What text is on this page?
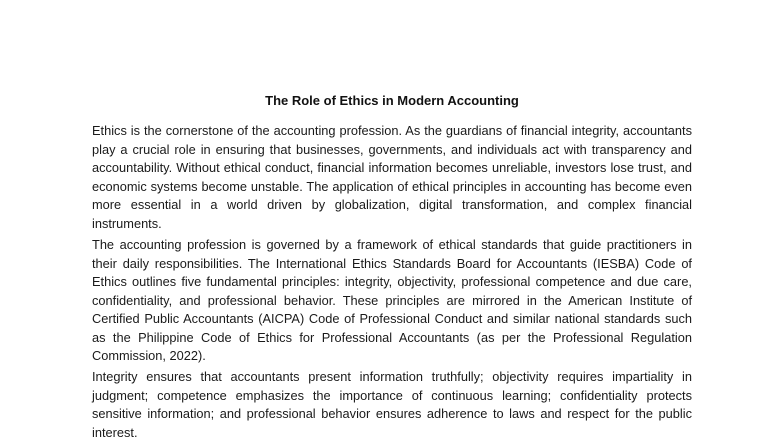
The Role of Ethics in Modern Accounting

Ethics is the cornerstone of the accounting profession. As the guardians of financial integrity, accountants play a crucial role in ensuring that businesses, governments, and individuals act with transparency and accountability. Without ethical conduct, financial information becomes unreliable, investors lose trust, and economic systems become unstable. The application of ethical principles in accounting has become even more essential in a world driven by globalization, digital transformation, and complex financial instruments.

The accounting profession is governed by a framework of ethical standards that guide practitioners in their daily responsibilities. The International Ethics Standards Board for Accountants (IESBA) Code of Ethics outlines five fundamental principles: integrity, objectivity, professional competence and due care, confidentiality, and professional behavior. These principles are mirrored in the American Institute of Certified Public Accountants (AICPA) Code of Professional Conduct and similar national standards such as the Philippine Code of Ethics for Professional Accountants (as per the Professional Regulation Commission, 2022).

Integrity ensures that accountants present information truthfully; objectivity requires impartiality in judgment; competence emphasizes the importance of continuous learning; confidentiality protects sensitive information; and professional behavior ensures adherence to laws and respect for the public interest.
